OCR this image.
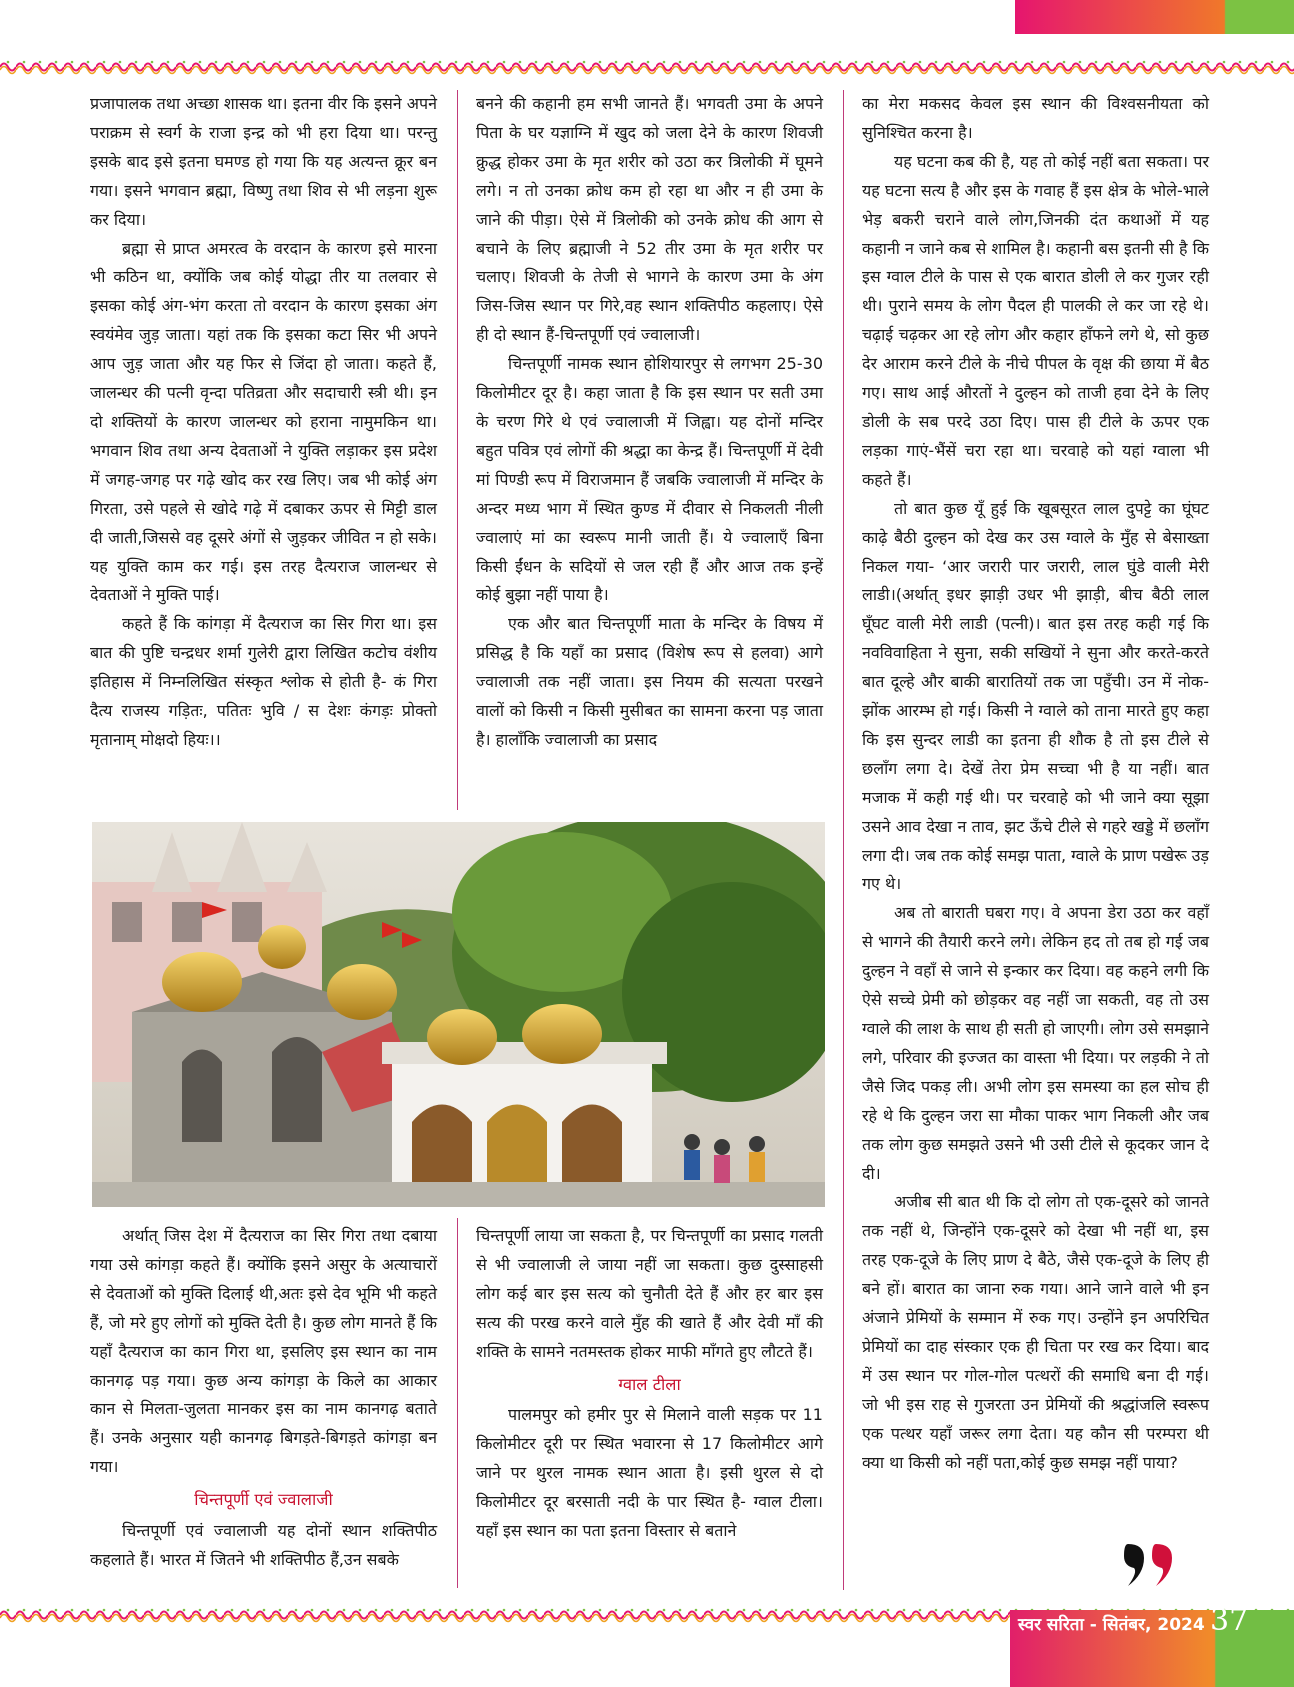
प्रजापालक तथा अच्छा शासक था। इतना वीर कि इसने अपने पराक्रम से स्वर्ग के राजा इन्द्र को भी हरा दिया था। परन्तु इसके बाद इसे इतना घमण्ड हो गया कि यह अत्यन्त क्रूर बन गया। इसने भगवान ब्रह्मा, विष्णु तथा शिव से भी लड़ना शुरू कर दिया।

ब्रह्मा से प्राप्त अमरत्व के वरदान के कारण इसे मारना भी कठिन था, क्योंकि जब कोई योद्धा तीर या तलवार से इसका कोई अंग-भंग करता तो वरदान के कारण इसका अंग स्वयंमेव जुड़ जाता। यहां तक कि इसका कटा सिर भी अपने आप जुड़ जाता और यह फिर से जिंदा हो जाता। कहते हैं, जालन्धर की पत्नी वृन्दा पतिव्रता और सदाचारी स्त्री थी। इन दो शक्तियों के कारण जालन्धर को हराना नामुमकिन था। भगवान शिव तथा अन्य देवताओं ने युक्ति लड़ाकर इस प्रदेश में जगह-जगह पर गढ़े खोद कर रख लिए। जब भी कोई अंग गिरता, उसे पहले से खोदे गढ़े में दबाकर ऊपर से मिट्टी डाल दी जाती,जिससे वह दूसरे अंगों से जुड़कर जीवित न हो सके। यह युक्ति काम कर गई। इस तरह दैत्यराज जालन्धर से देवताओं ने मुक्ति पाई।

कहते हैं कि कांगड़ा में दैत्यराज का सिर गिरा था। इस बात की पुष्टि चन्द्रधर शर्मा गुलेरी द्वारा लिखित कटोच वंशीय इतिहास में निम्नलिखित संस्कृत श्लोक से होती है- कं गिरा दैत्य राजस्य गड़ितः, पतितः भुवि / स देशः कंगड़ः प्रोक्तो मृतानाम् मोक्षदो हियः।।

बनने की कहानी हम सभी जानते हैं। भगवती उमा के अपने पिता के घर यज्ञाग्नि में खुद को जला देने के कारण शिवजी क्रुद्ध होकर उमा के मृत शरीर को उठा कर त्रिलोकी में घूमने लगे। न तो उनका क्रोध कम हो रहा था और न ही उमा के जाने की पीड़ा। ऐसे में त्रिलोकी को उनके क्रोध की आग से बचाने के लिए ब्रह्माजी ने 52 तीर उमा के मृत शरीर पर चलाए। शिवजी के तेजी से भागने के कारण उमा के अंग जिस-जिस स्थान पर गिरे,वह स्थान शक्तिपीठ कहलाए। ऐसे ही दो स्थान हैं-चिन्तपूर्णी एवं ज्वालाजी।

चिन्तपूर्णी नामक स्थान होशियारपुर से लगभग 25-30 किलोमीटर दूर है। कहा जाता है कि इस स्थान पर सती उमा के चरण गिरे थे एवं ज्वालाजी में जिह्वा। यह दोनों मन्दिर बहुत पवित्र एवं लोगों की श्रद्धा का केन्द्र हैं। चिन्तपूर्णी में देवी मां पिण्डी रूप में विराजमान हैं जबकि ज्वालाजी में मन्दिर के अन्दर मध्य भाग में स्थित कुण्ड में दीवार से निकलती नीली ज्वालाएं मां का स्वरूप मानी जाती हैं। ये ज्वालाएँ बिना किसी ईंधन के सदियों से जल रही हैं और आज तक इन्हें कोई बुझा नहीं पाया है।

एक और बात चिन्तपूर्णी माता के मन्दिर के विषय में प्रसिद्ध है कि यहाँ का प्रसाद (विशेष रूप से हलवा) आगे ज्वालाजी तक नहीं जाता। इस नियम की सत्यता परखने वालों को किसी न किसी मुसीबत का सामना करना पड़ जाता है। हालाँकि ज्वालाजी का प्रसाद

का मेरा मकसद केवल इस स्थान की विश्वसनीयता को सुनिश्चित करना है।

यह घटना कब की है, यह तो कोई नहीं बता सकता। पर यह घटना सत्य है और इस के गवाह हैं इस क्षेत्र के भोले-भाले भेड़ बकरी चराने वाले लोग,जिनकी दंत कथाओं में यह कहानी न जाने कब से शामिल है। कहानी बस इतनी सी है कि इस ग्वाल टीले के पास से एक बारात डोली ले कर गुजर रही थी। पुराने समय के लोग पैदल ही पालकी ले कर जा रहे थे। चढ़ाई चढ़कर आ रहे लोग और कहार हाँफने लगे थे, सो कुछ देर आराम करने टीले के नीचे पीपल के वृक्ष की छाया में बैठ गए। साथ आई औरतों ने दुल्हन को ताजी हवा देने के लिए डोली के सब परदे उठा दिए। पास ही टीले के ऊपर एक लड़का गाएं-भैंसें चरा रहा था। चरवाहे को यहां ग्वाला भी कहते हैं।

तो बात कुछ यूँ हुई कि खूबसूरत लाल दुपट्टे का घूंघट काढ़े बैठी दुल्हन को देख कर उस ग्वाले के मुँह से बेसाख्ता निकल गया- ‘आर जरारी पार जरारी, लाल घुंडे वाली मेरी लाडी।(अर्थात् इधर झाड़ी उधर भी झाड़ी, बीच बैठी लाल घूँघट वाली मेरी लाडी (पत्नी)। बात इस तरह कही गई कि नवविवाहिता ने सुना, सकी सखियों ने सुना और करते-करते बात दूल्हे और बाकी बारातियों तक जा पहुँची। उन में नोक-झोंक आरम्भ हो गई। किसी ने ग्वाले को ताना मारते हुए कहा कि इस सुन्दर लाडी का इतना ही शौक है तो इस टीले से छलाँग लगा दे। देखें तेरा प्रेम सच्चा भी है या नहीं। बात मजाक में कही गई थी। पर चरवाहे को भी जाने क्या सूझा उसने आव देखा न ताव, झट ऊँचे टीले से गहरे खड्डे में छलाँग लगा दी। जब तक कोई समझ पाता, ग्वाले के प्राण पखेरू उड़ गए थे।

अब तो बाराती घबरा गए। वे अपना डेरा उठा कर वहाँ से भागने की तैयारी करने लगे। लेकिन हद तो तब हो गई जब दुल्हन ने वहाँ से जाने से इन्कार कर दिया। वह कहने लगी कि ऐसे सच्चे प्रेमी को छोड़कर वह नहीं जा सकती, वह तो उस ग्वाले की लाश के साथ ही सती हो जाएगी। लोग उसे समझाने लगे, परिवार की इज्जत का वास्ता भी दिया। पर लड़की ने तो जैसे जिद पकड़ ली। अभी लोग इस समस्या का हल सोच ही रहे थे कि दुल्हन जरा सा मौका पाकर भाग निकली और जब तक लोग कुछ समझते उसने भी उसी टीले से कूदकर जान दे दी।

अजीब सी बात थी कि दो लोग तो एक-दूसरे को जानते तक नहीं थे, जिन्होंने एक-दूसरे को देखा भी नहीं था, इस तरह एक-दूजे के लिए प्राण दे बैठे, जैसे एक-दूजे के लिए ही बने हों। बारात का जाना रुक गया। आने जाने वाले भी इन अंजाने प्रेमियों के सम्मान में रुक गए। उन्होंने इन अपरिचित प्रेमियों का दाह संस्कार एक ही चिता पर रख कर दिया। बाद में उस स्थान पर गोल-गोल पत्थरों की समाधि बना दी गई। जो भी इस राह से गुजरता उन प्रेमियों की श्रद्धांजलि स्वरूप एक पत्थर यहाँ जरूर लगा देता। यह कौन सी परम्परा थी क्या था किसी को नहीं पता,कोई कुछ समझ नहीं पाया?

अर्थात् जिस देश में दैत्यराज का सिर गिरा तथा दबाया गया उसे कांगड़ा कहते हैं। क्योंकि इसने असुर के अत्याचारों से देवताओं को मुक्ति दिलाई थी,अतः इसे देव भूमि भी कहते हैं, जो मरे हुए लोगों को मुक्ति देती है। कुछ लोग मानते हैं कि यहाँ दैत्यराज का कान गिरा था, इसलिए इस स्थान का नाम कानगढ़ पड़ गया। कुछ अन्य कांगड़ा के किले का आकार कान से मिलता-जुलता मानकर इस का नाम कानगढ़ बताते हैं। उनके अनुसार यही कानगढ़ बिगड़ते-बिगड़ते कांगड़ा बन गया।

चिन्तपूर्णी एवं ज्वालाजी

चिन्तपूर्णी एवं ज्वालाजी यह दोनों स्थान शक्तिपीठ कहलाते हैं। भारत में जितने भी शक्तिपीठ हैं,उन सबके

चिन्तपूर्णी लाया जा सकता है, पर चिन्तपूर्णी का प्रसाद गलती से भी ज्वालाजी ले जाया नहीं जा सकता। कुछ दुस्साहसी लोग कई बार इस सत्य को चुनौती देते हैं और हर बार इस सत्य की परख करने वाले मुँह की खाते हैं और देवी माँ की शक्ति के सामने नतमस्तक होकर माफी माँगते हुए लौटते हैं।

ग्वाल टीला

पालमपुर को हमीर पुर से मिलाने वाली सड़क पर 11 किलोमीटर दूरी पर स्थित भवारना से 17 किलोमीटर आगे जाने पर थुरल नामक स्थान आता है। इसी थुरल से दो किलोमीटर दूर बरसाती नदी के पार स्थित है- ग्वाल टीला। यहाँ इस स्थान का पता इतना विस्तार से बताने

स्वर सरिता - सितंबर, 2024 37
